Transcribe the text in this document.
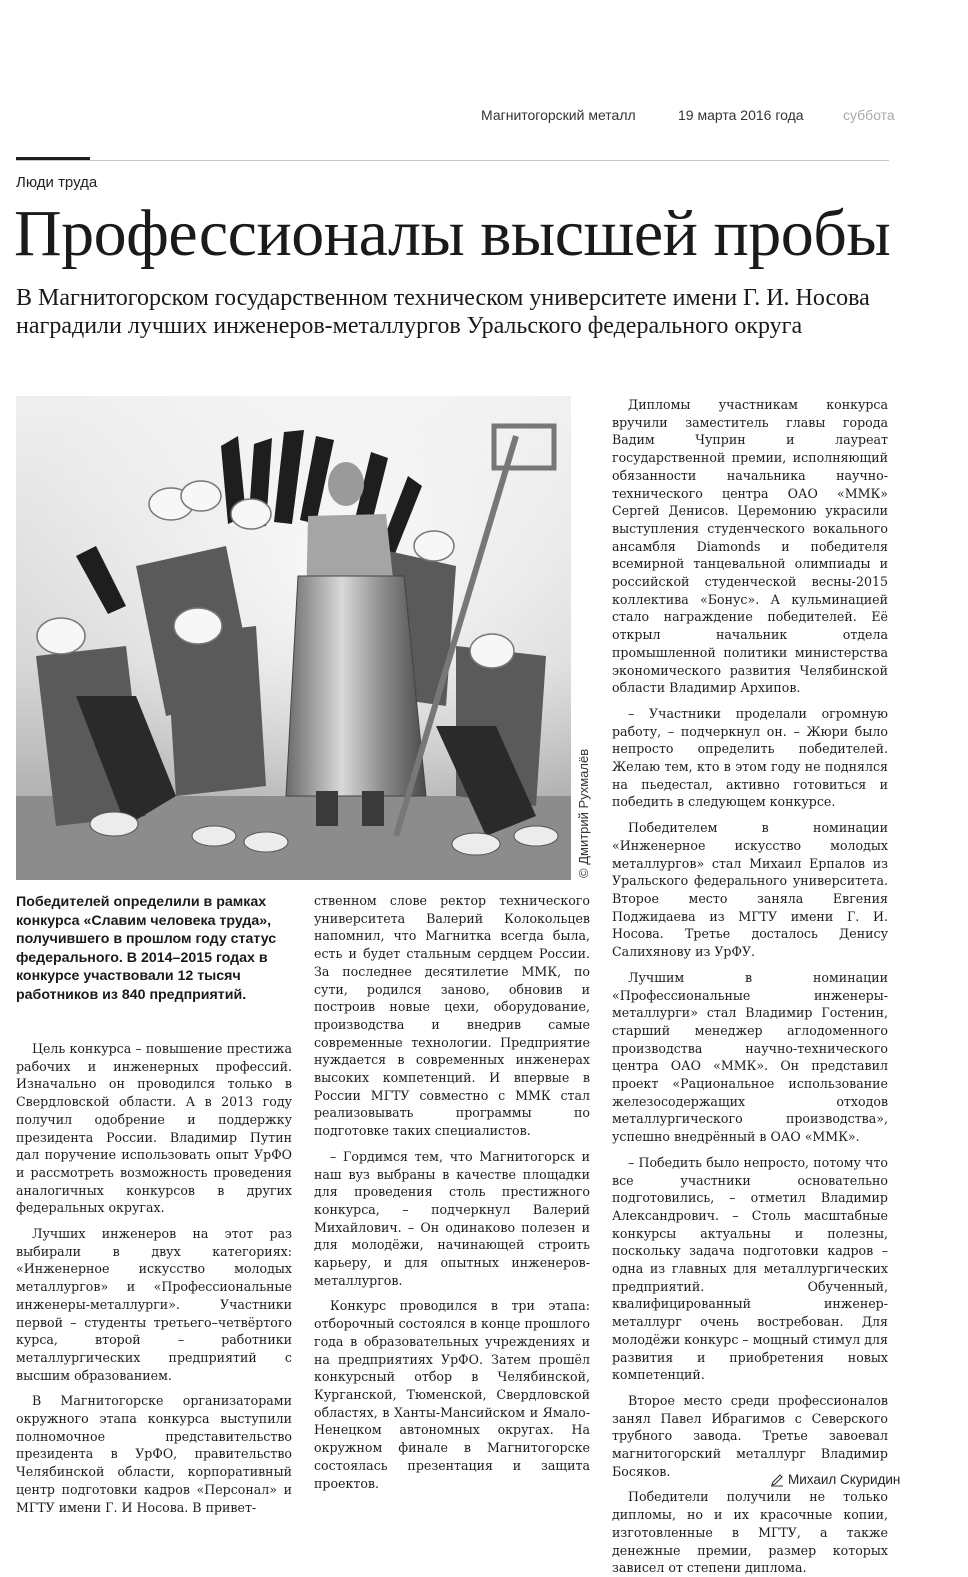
Магнитогорский металл	19 марта 2016 года	суббота
Люди труда
Профессионалы высшей пробы
В Магнитогорском государственном техническом университете имени Г. И. Носова наградили лучших инженеров-металлургов Уральского федерального округа
© Дмитрий Рухмалёв
Победителей определили в рамках конкурса «Славим человека труда», получившего в прошлом году статус федерального. В 2014–2015 годах в конкурсе участвовали 12 тысяч работников из 840 предприятий.

Цель конкурса – повышение престижа рабочих и инженерных профессий. Изначально он проводился только в Свердловской области. А в 2013 году получил одобрение и поддержку президента России. Владимир Путин дал поручение использовать опыт УрФО и рассмотреть возможность проведения аналогичных конкурсов в других федеральных округах.

Лучших инженеров на этот раз выбирали в двух категориях: «Инженерное искусство молодых металлургов» и «Профессиональные инженеры-металлурги». Участники первой – студенты третьего–четвёртого курса, второй – работники металлургических предприятий с высшим образованием.

В Магнитогорске организаторами окружного этапа конкурса выступили полномочное представительство президента в УрФО, правительство Челябинской области, корпоративный центр подготовки кадров «Персонал» и МГТУ имени Г. И Носова. В привет-

ственном слове ректор технического университета Валерий Колокольцев напомнил, что Магнитка всегда была, есть и будет стальным сердцем России. За последнее десятилетие ММК, по сути, родился заново, обновив и построив новые цехи, оборудование, производства и внедрив самые современные технологии. Предприятие нуждается в современных инженерах высоких компетенций. И впервые в России МГТУ совместно с ММК стал реализовывать программы по подготовке таких специалистов.

– Гордимся тем, что Магнитогорск и наш вуз выбраны в качестве площадки для проведения столь престижного конкурса, – подчеркнул Валерий Михайлович. – Он одинаково полезен и для молодёжи, начинающей строить карьеру, и для опытных инженеров-металлургов.

Конкурс проводился в три этапа: отборочный состоялся в конце прошлого года в образовательных учреждениях и на предприятиях УрФО. Затем прошёл конкурсный отбор в Челябинской, Курганской, Тюменской, Свердловской областях, в Ханты-Мансийском и Ямало-Ненецком автономных округах. На окружном финале в Магнитогорске состоялась презентация и защита проектов.

Дипломы участникам конкурса вручили заместитель главы города Вадим Чуприн и лауреат государственной премии, исполняющий обязанности начальника научно-технического центра ОАО «ММК» Сергей Денисов. Церемонию украсили выступления студенческого вокального ансамбля Diamonds и победителя всемирной танцевальной олимпиады и российской студенческой весны-2015 коллектива «Бонус». А кульминацией стало награждение победителей. Её открыл начальник отдела промышленной политики министерства экономического развития Челябинской области Владимир Архипов.

– Участники проделали огромную работу, – подчеркнул он. – Жюри было непросто определить победителей. Желаю тем, кто в этом году не поднялся на пьедестал, активно готовиться и победить в следующем конкурсе.

Победителем в номинации «Инженерное искусство молодых металлургов» стал Михаил Ерпалов из Уральского федерального университета. Второе место заняла Евгения Поджидаева из МГТУ имени Г. И. Носова. Третье досталось Денису Салихянову из УрФУ.

Лучшим в номинации «Профессиональные инженеры-металлурги» стал Владимир Гостенин, старший менеджер аглодоменного производства научно-технического центра ОАО «ММК». Он представил проект «Рациональное использование железосодержащих отходов металлургического производства», успешно внедрённый в ОАО «ММК».

– Победить было непросто, потому что все участники основательно подготовились, – отметил Владимир Александрович. – Столь масштабные конкурсы актуальны и полезны, поскольку задача подготовки кадров – одна из главных для металлургических предприятий. Обученный, квалифицированный инженер-металлург очень востребован. Для молодёжи конкурс – мощный стимул для развития и приобретения новых компетенций.

Второе место среди профессионалов занял Павел Ибрагимов с Северского трубного завода. Третье завоевал магнитогорский металлург Владимир Босяков.

Победители получили не только дипломы, но и их красочные копии, изготовленные в МГТУ, а также денежные премии, размер которых зависел от степени диплома.

Михаил Скуридин
